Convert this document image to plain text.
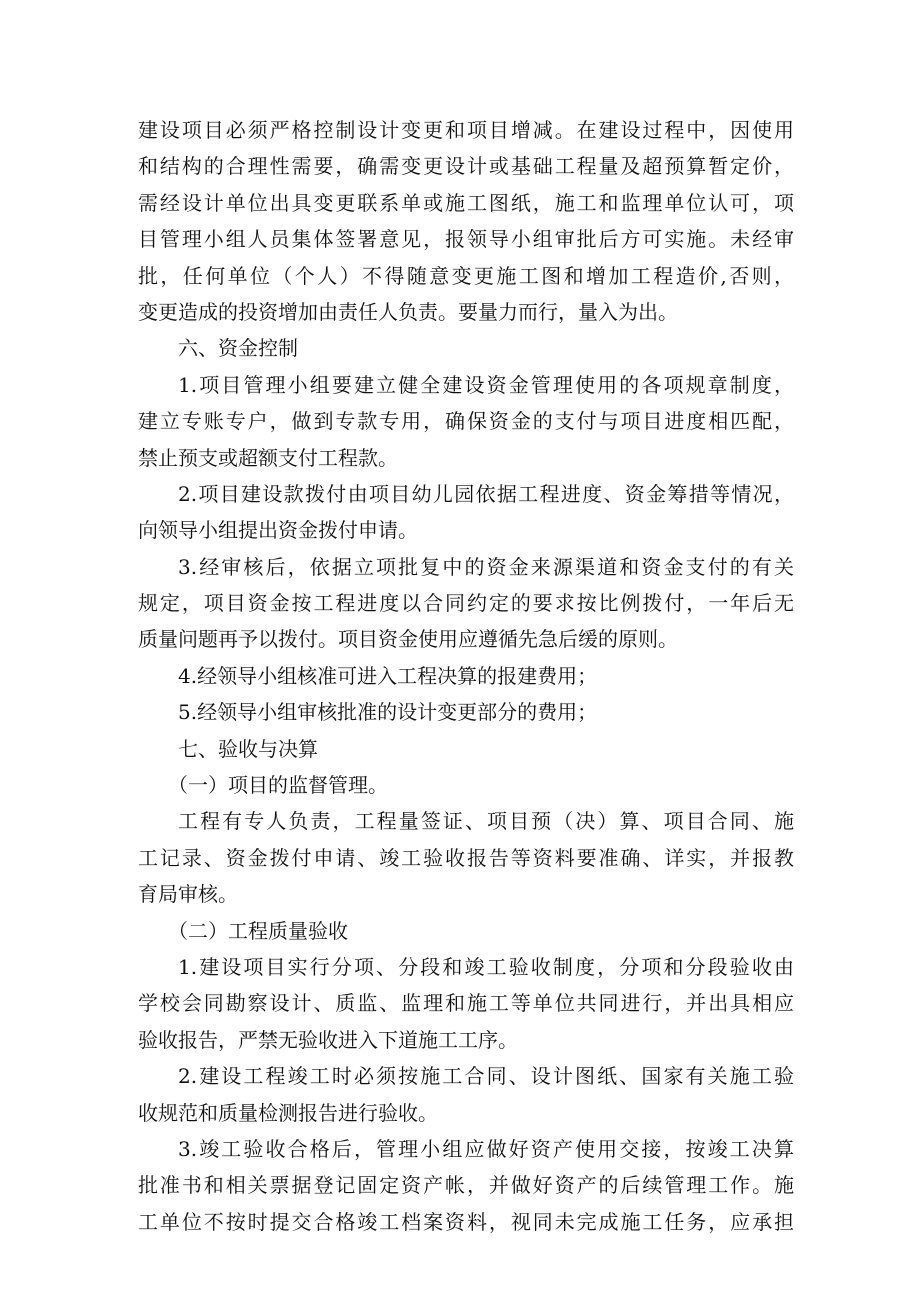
建设项目必须严格控制设计变更和项目增减。在建设过程中，因使用
和结构的合理性需要，确需变更设计或基础工程量及超预算暂定价，
需经设计单位出具变更联系单或施工图纸，施工和监理单位认可，项
目管理小组人员集体签署意见，报领导小组审批后方可实施。未经审
批，任何单位（个人）不得随意变更施工图和增加工程造价,否则，
变更造成的投资增加由责任人负责。要量力而行，量入为出。
六、资金控制
1.项目管理小组要建立健全建设资金管理使用的各项规章制度，
建立专账专户，做到专款专用，确保资金的支付与项目进度相匹配，
禁止预支或超额支付工程款。
2.项目建设款拨付由项目幼儿园依据工程进度、资金筹措等情况，
向领导小组提出资金拨付申请。
3.经审核后，依据立项批复中的资金来源渠道和资金支付的有关
规定，项目资金按工程进度以合同约定的要求按比例拨付，一年后无
质量问题再予以拨付。项目资金使用应遵循先急后缓的原则。
4.经领导小组核准可进入工程决算的报建费用；
5.经领导小组审核批准的设计变更部分的费用；
七、验收与决算
（一）项目的监督管理。
工程有专人负责，工程量签证、项目预（决）算、项目合同、施
工记录、资金拨付申请、竣工验收报告等资料要准确、详实，并报教
育局审核。
（二）工程质量验收
1.建设项目实行分项、分段和竣工验收制度，分项和分段验收由
学校会同勘察设计、质监、监理和施工等单位共同进行，并出具相应
验收报告，严禁无验收进入下道施工工序。
2.建设工程竣工时必须按施工合同、设计图纸、国家有关施工验
收规范和质量检测报告进行验收。
3.竣工验收合格后，管理小组应做好资产使用交接，按竣工决算
批准书和相关票据登记固定资产帐，并做好资产的后续管理工作。施
工单位不按时提交合格竣工档案资料，视同未完成施工任务，应承担
